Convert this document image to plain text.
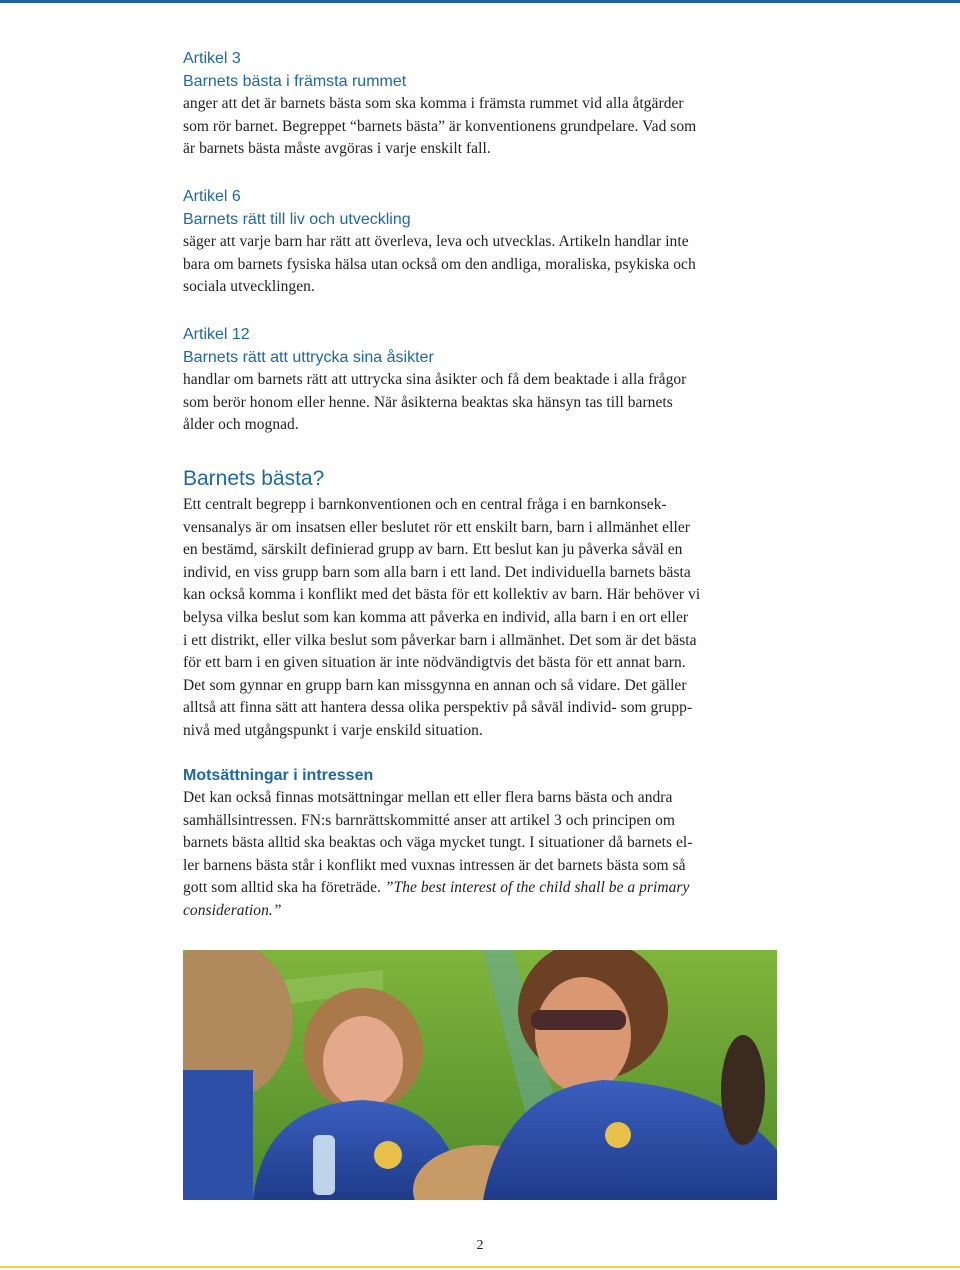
Artikel 3

Barnets bästa i främsta rummet

anger att det är barnets bästa som ska komma i främsta rummet vid alla åtgärder

som rör barnet. Begreppet “barnets bästa” är konventionens grundpelare. Vad som

är barnets bästa måste avgöras i varje enskilt fall.

Artikel 6

Barnets rätt till liv och utveckling

säger att varje barn har rätt att överleva, leva och utvecklas. Artikeln handlar inte

bara om barnets fysiska hälsa utan också om den andliga, moraliska, psykiska och

sociala utvecklingen.

Artikel 12

Barnets rätt att uttrycka sina åsikter

handlar om barnets rätt att uttrycka sina åsikter och få dem beaktade i alla frågor

som berör honom eller henne. När åsikterna beaktas ska hänsyn tas till barnets

ålder och mognad.

Barnets bästa?

Ett centralt begrepp i barnkonventionen och en central fråga i en barnkonsek-

vensanalys är om insatsen eller beslutet rör ett enskilt barn, barn i allmänhet eller

en bestämd, särskilt definierad grupp av barn. Ett beslut kan ju påverka såväl en

individ, en viss grupp barn som alla barn i ett land. Det individuella barnets bästa

kan också komma i konflikt med det bästa för ett kollektiv av barn. Här behöver vi

belysa vilka beslut som kan komma att påverka en individ, alla barn i en ort eller

i ett distrikt, eller vilka beslut som påverkar barn i allmänhet. Det som är det bästa

för ett barn i en given situation är inte nödvändigtvis det bästa för ett annat barn.

Det som gynnar en grupp barn kan missgynna en annan och så vidare. Det gäller

alltså att finna sätt att hantera dessa olika perspektiv på såväl individ- som grupp-

nivå med utgångspunkt i varje enskild situation.

Motsättningar i intressen

Det kan också finnas motsättningar mellan ett eller flera barns bästa och andra

samhällsintressen. FN:s barnrättskommitté anser att artikel 3 och principen om

barnets bästa alltid ska beaktas och väga mycket tungt. I situationer då barnets el-

ler barnens bästa står i konflikt med vuxnas intressen är det barnets bästa som så

gott som alltid ska ha företräde. ”The best interest of the child shall be a primary

consideration.”

2
